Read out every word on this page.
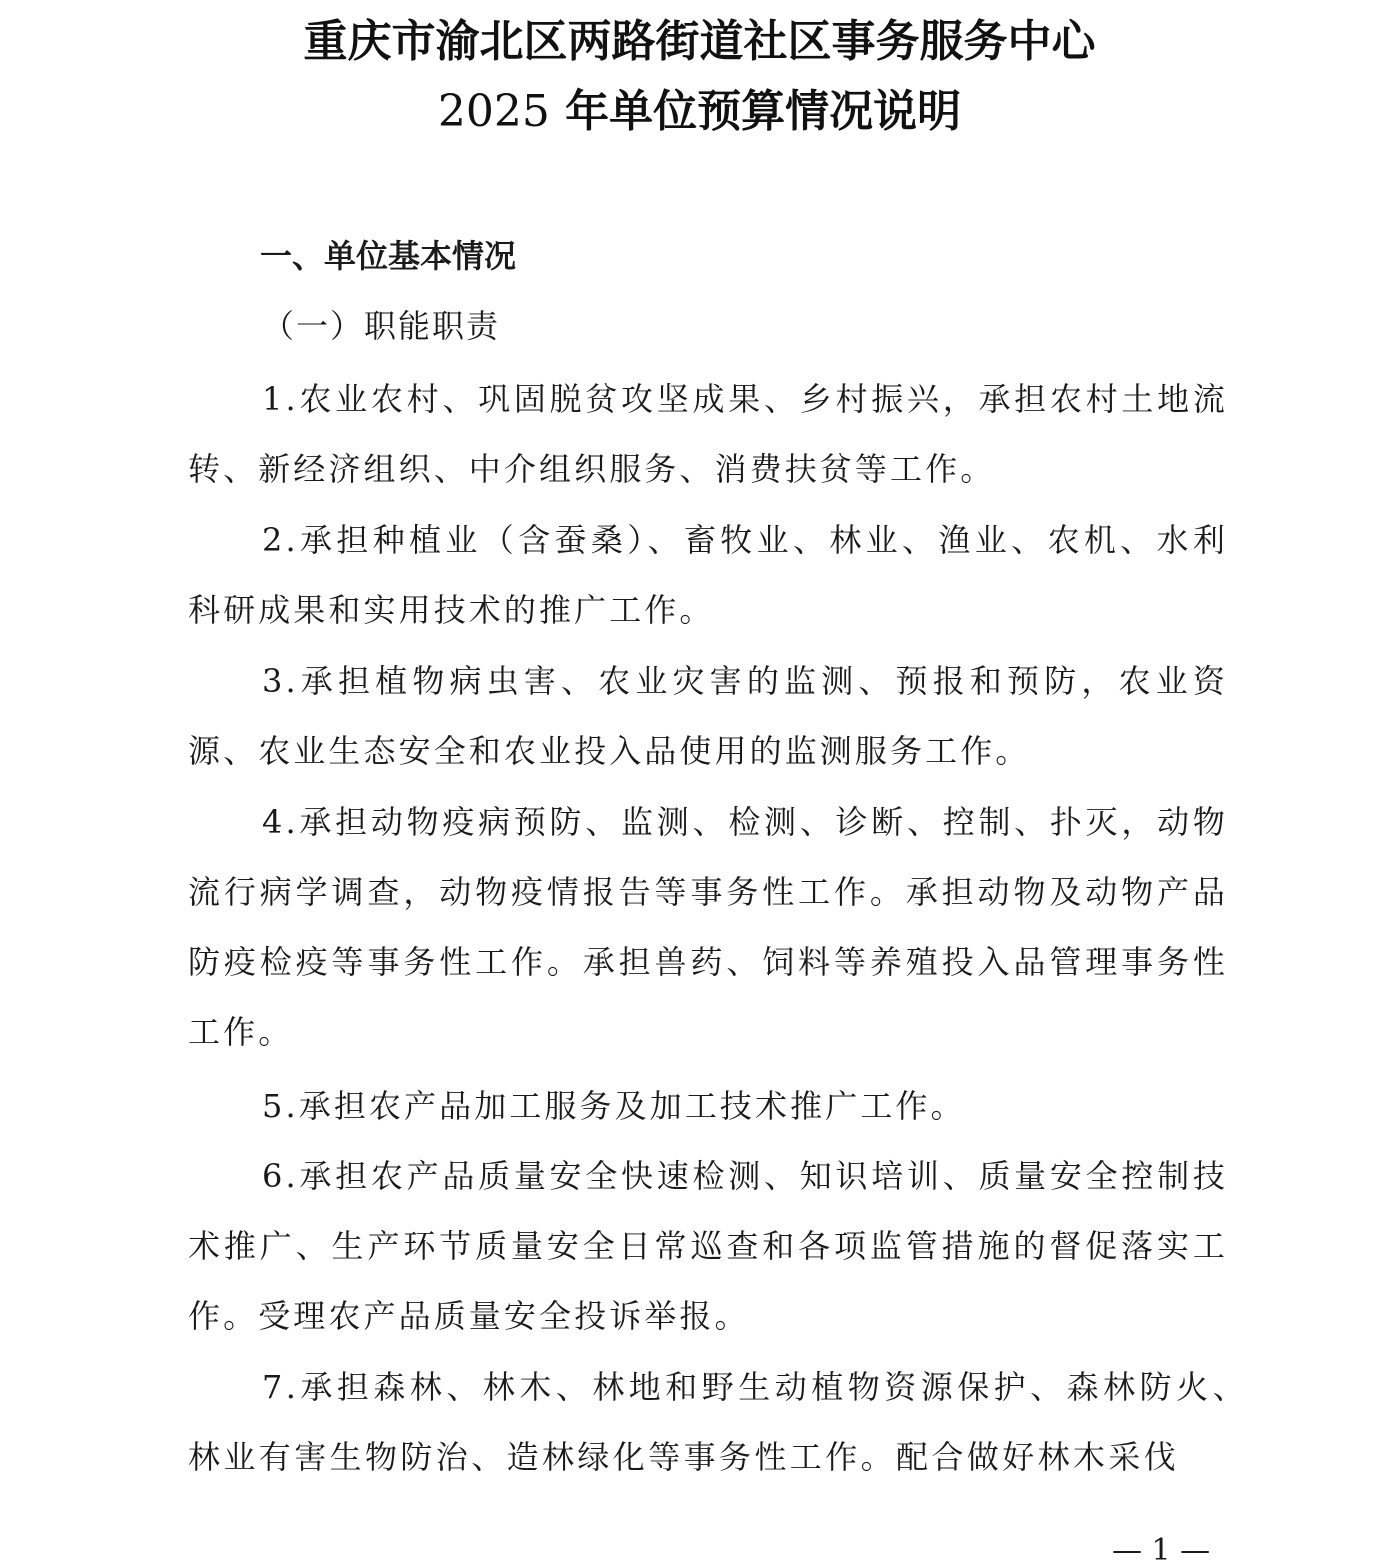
重庆市渝北区两路街道社区事务服务中心
2025 年单位预算情况说明
一、单位基本情况
（一）职能职责

1.农业农村、巩固脱贫攻坚成果、乡村振兴，承担农村土地流转、新经济组织、中介组织服务、消费扶贫等工作。

2.承担种植业（含蚕桑）、畜牧业、林业、渔业、农机、水利科研成果和实用技术的推广工作。

3.承担植物病虫害、农业灾害的监测、预报和预防，农业资源、农业生态安全和农业投入品使用的监测服务工作。

4.承担动物疫病预防、监测、检测、诊断、控制、扑灭，动物流行病学调查，动物疫情报告等事务性工作。承担动物及动物产品防疫检疫等事务性工作。承担兽药、饲料等养殖投入品管理事务性工作。

5.承担农产品加工服务及加工技术推广工作。

6.承担农产品质量安全快速检测、知识培训、质量安全控制技术推广、生产环节质量安全日常巡查和各项监管措施的督促落实工作。受理农产品质量安全投诉举报。

7.承担森林、林木、林地和野生动植物资源保护、森林防火、林业有害生物防治、造林绿化等事务性工作。配合做好林木采伐

— 1 —
